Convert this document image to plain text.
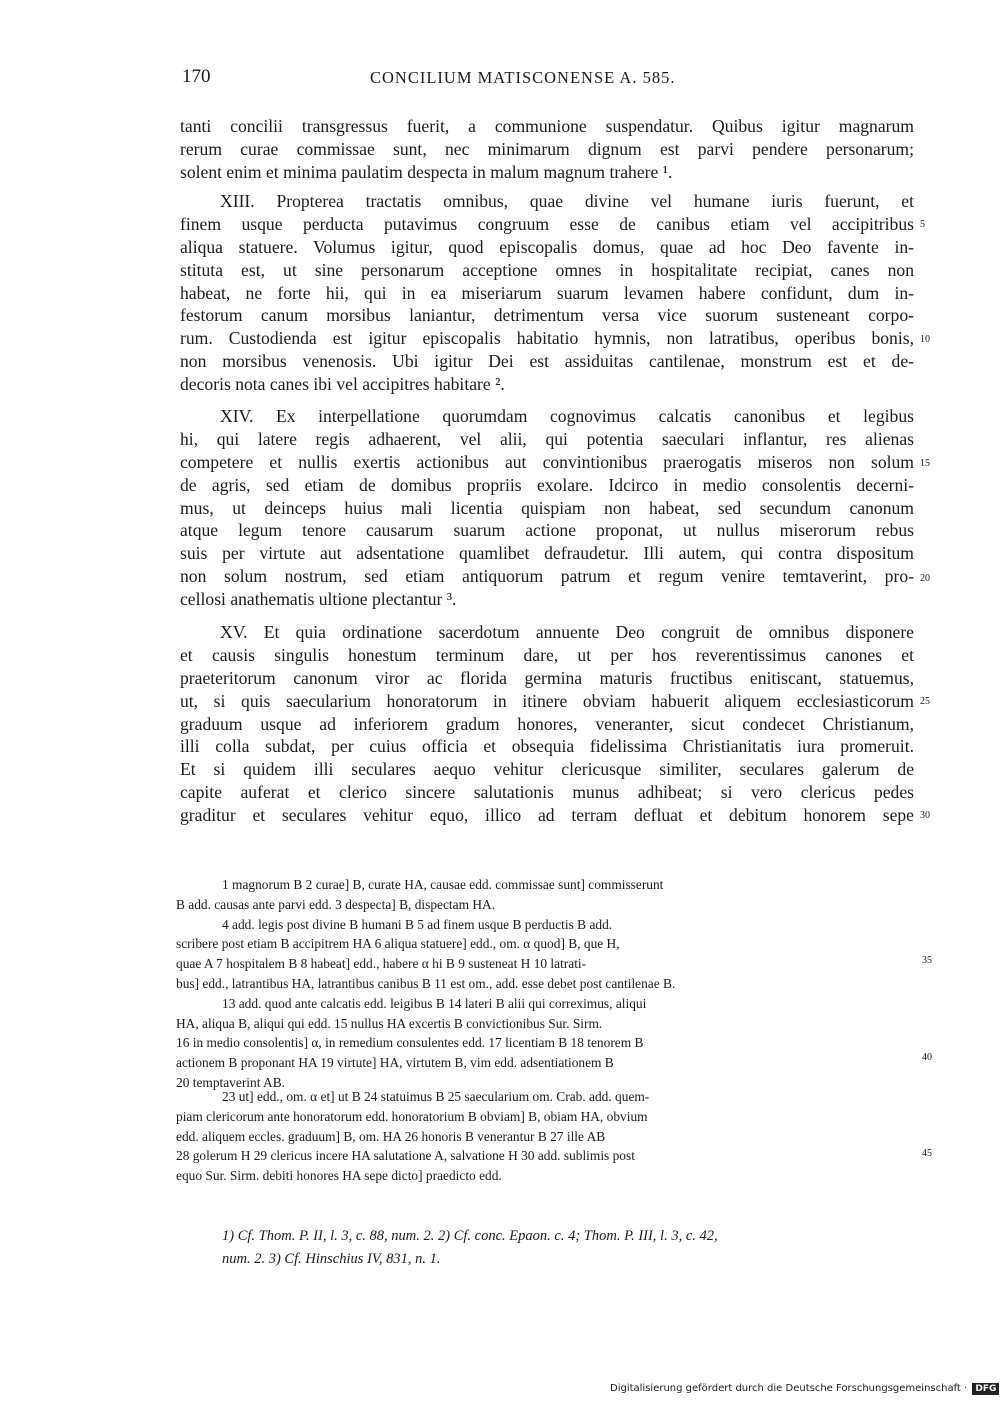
170	CONCILIUM MATISCONENSE A. 585.
tanti concilii transgressus fuerit, a communione suspendatur. Quibus igitur magnarum
rerum curae commissae sunt, nec minimarum dignum est parvi pendere personarum;
solent enim et minima paulatim despecta in malum magnum trahere ¹.
XIII. Propterea tractatis omnibus, quae divine vel humane iuris fuerunt, et
finem usque perducta putavimus congruum esse de canibus etiam vel accipitribus
aliqua statuere. Volumus igitur, quod episcopalis domus, quae ad hoc Deo favente in-
stituta est, ut sine personarum acceptione omnes in hospitalitate recipiat, canes non
habeat, ne forte hii, qui in ea miseriarum suarum levamen habere confidunt, dum in-
festorum canum morsibus laniantur, detrimentum versa vice suorum susteneant corpo-
rum. Custodienda est igitur episcopalis habitatio hymnis, non latratibus, operibus bonis,
non morsibus venenosis. Ubi igitur Dei est assiduitas cantilenae, monstrum est et de-
decoris nota canes ibi vel accipitres habitare ².
XIV. Ex interpellatione quorumdam cognovimus calcatis canonibus et legibus
hi, qui latere regis adhaerent, vel alii, qui potentia saeculari inflantur, res alienas
competere et nullis exertis actionibus aut convintionibus praerogatis miseros non solum
de agris, sed etiam de domibus propriis exolare. Idcirco in medio consolentis decerni-
mus, ut deinceps huius mali licentia quispiam non habeat, sed secundum canonum
atque legum tenore causarum suarum actione proponat, ut nullus miserorum rebus
suis per virtute aut adsentatione quamlibet defraudetur. Illi autem, qui contra dispositum
non solum nostrum, sed etiam antiquorum patrum et regum venire temtaverint, pro-
cellosi anathematis ultione plectantur ³.
XV. Et quia ordinatione sacerdotum annuente Deo congruit de omnibus disponere
et causis singulis honestum terminum dare, ut per hos reverentissimus canones et
praeteritorum canonum viror ac florida germina maturis fructibus enitiscant, statuemus,
ut, si quis saecularium honoratorum in itinere obviam habuerit aliquem ecclesiasticorum
graduum usque ad inferiorem gradum honores, veneranter, sicut condecet Christianum,
illi colla subdat, per cuius officia et obsequia fidelissima Christianitatis iura promeruit.
Et si quidem illi seculares aequo vehitur clericusque similiter, seculares galerum de
capite auferat et clerico sincere salutationis munus adhibeat; si vero clericus pedes
graditur et seculares vehitur equo, illico ad terram defluat et debitum honorem sepe
5
10
15
20
25
30
1 magnorum B 2 curae] B, curate HA, causae edd. commissae sunt] commisserunt
B add. causas ante parvi edd. 3 despecta] B, dispectam HA.
4 add. legis post divine B humani B 5 ad finem usque B perductis B add.
scribere post etiam B accipitrem HA 6 aliqua statuere] edd., om. α quod] B, que H,
quae A 7 hospitalem B 8 habeat] edd., habere α hi B 9 susteneat H 10 latrati-
bus] edd., latrantibus HA, latrantibus canibus B 11 est om., add. esse debet post cantilenae B.
13 add. quod ante calcatis edd. leigibus B 14 lateri B alii qui correximus, aliqui
HA, aliqua B, aliqui qui edd. 15 nullus HA excertis B convictionibus Sur. Sirm.
16 in medio consolentis] α, in remedium consulentes edd. 17 licentiam B 18 tenorem B
actionem B proponant HA 19 virtute] HA, virtutem B, vim edd. adsentiationem B
20 temptaverint AB.
23 ut] edd., om. α et] ut B 24 statuimus B 25 saecularium om. Crab. add. quem-
piam clericorum ante honoratorum edd. honoratorium B obviam] B, obiam HA, obvium
edd. aliquem eccles. graduum] B, om. HA 26 honoris B venerantur B 27 ille AB
28 golerum H 29 clericus incere HA salutatione A, salvatione H 30 add. sublimis post
equo Sur. Sirm. debiti honores HA sepe dicto] praedicto edd.
35
40
45
1) Cf. Thom. P. II, l. 3, c. 88, num. 2. 2) Cf. conc. Epaon. c. 4; Thom. P. III, l. 3, c. 42,
num. 2. 3) Cf. Hinschius IV, 831, n. 1.
Digitalisierung gefördert durch die Deutsche Forschungsgemeinschaft · DFG
